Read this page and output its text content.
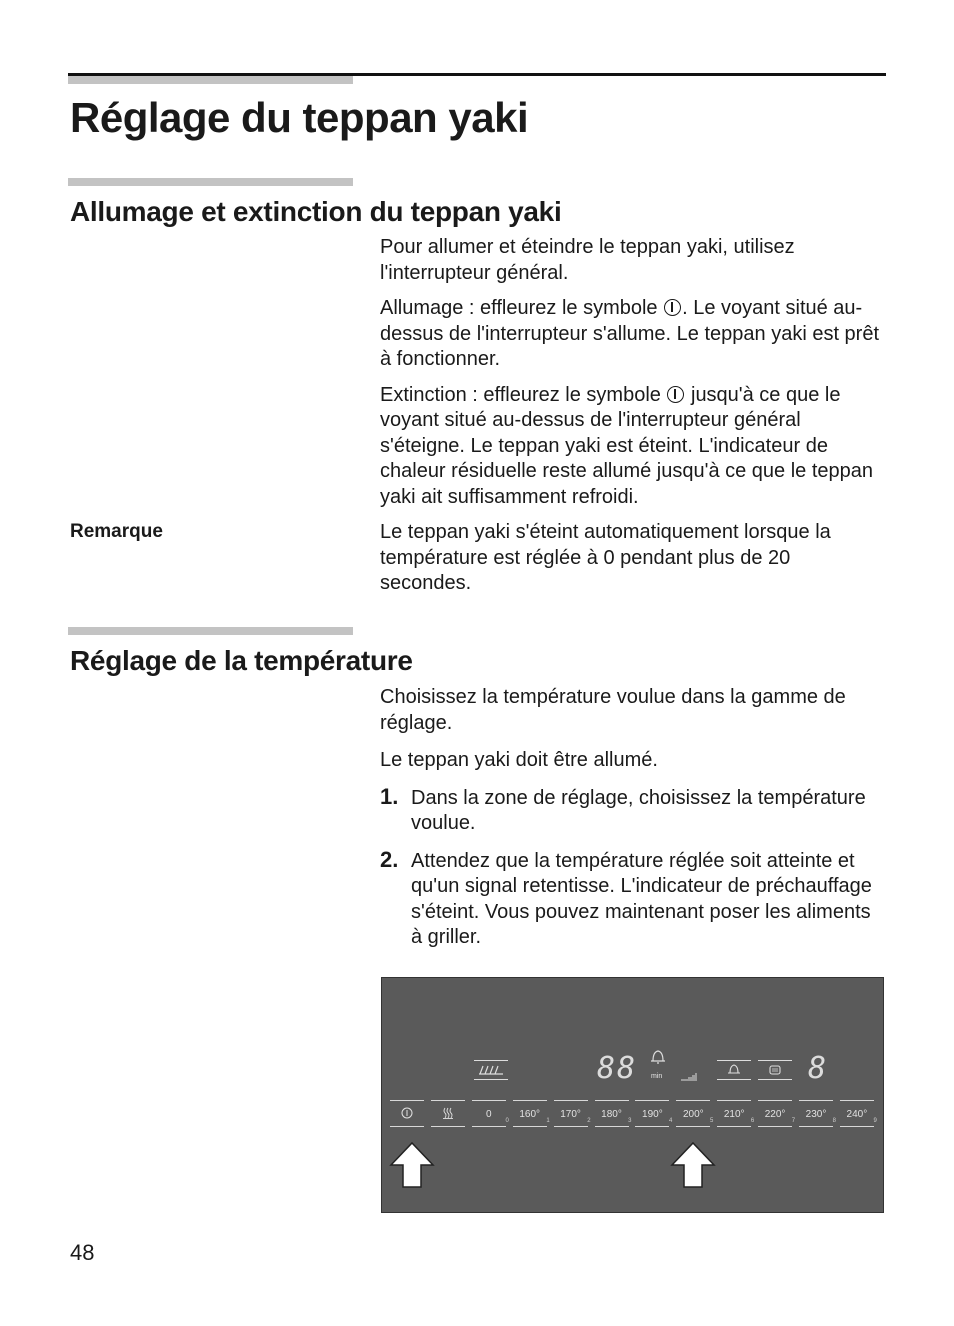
Réglage du teppan yaki
Allumage et extinction du teppan yaki

Pour allumer et éteindre le teppan yaki, utilisez l'interrupteur général.

Allumage : effleurez le symbole . Le voyant situé au-dessus de l'interrupteur s'allume. Le teppan yaki est prêt à fonctionner.

Extinction : effleurez le symbole  jusqu'à ce que le voyant situé au-dessus de l'interrupteur général s'éteigne. Le teppan yaki est éteint. L'indicateur de chaleur résiduelle reste allumé jusqu'à ce que le teppan yaki ait suffisamment refroidi.

Le teppan yaki s'éteint automatiquement lorsque la température est réglée à 0 pendant plus de 20 secondes.

Remarque
Réglage de la température

Choisissez la température voulue dans la gamme de réglage.

Le teppan yaki doit être allumé.

1. Dans la zone de réglage, choisissez la température voulue.
2. Attendez que la température réglée soit atteinte et qu'un signal retentisse. L'indicateur de préchauffage s'éteint. Vous pouvez maintenant poser les aliments à griller.
88 min	8
0
0
160°
1
170°
2
180°
3
190°
4
200°
5
210°
6
220°
7
230°
8
240°
9
48
